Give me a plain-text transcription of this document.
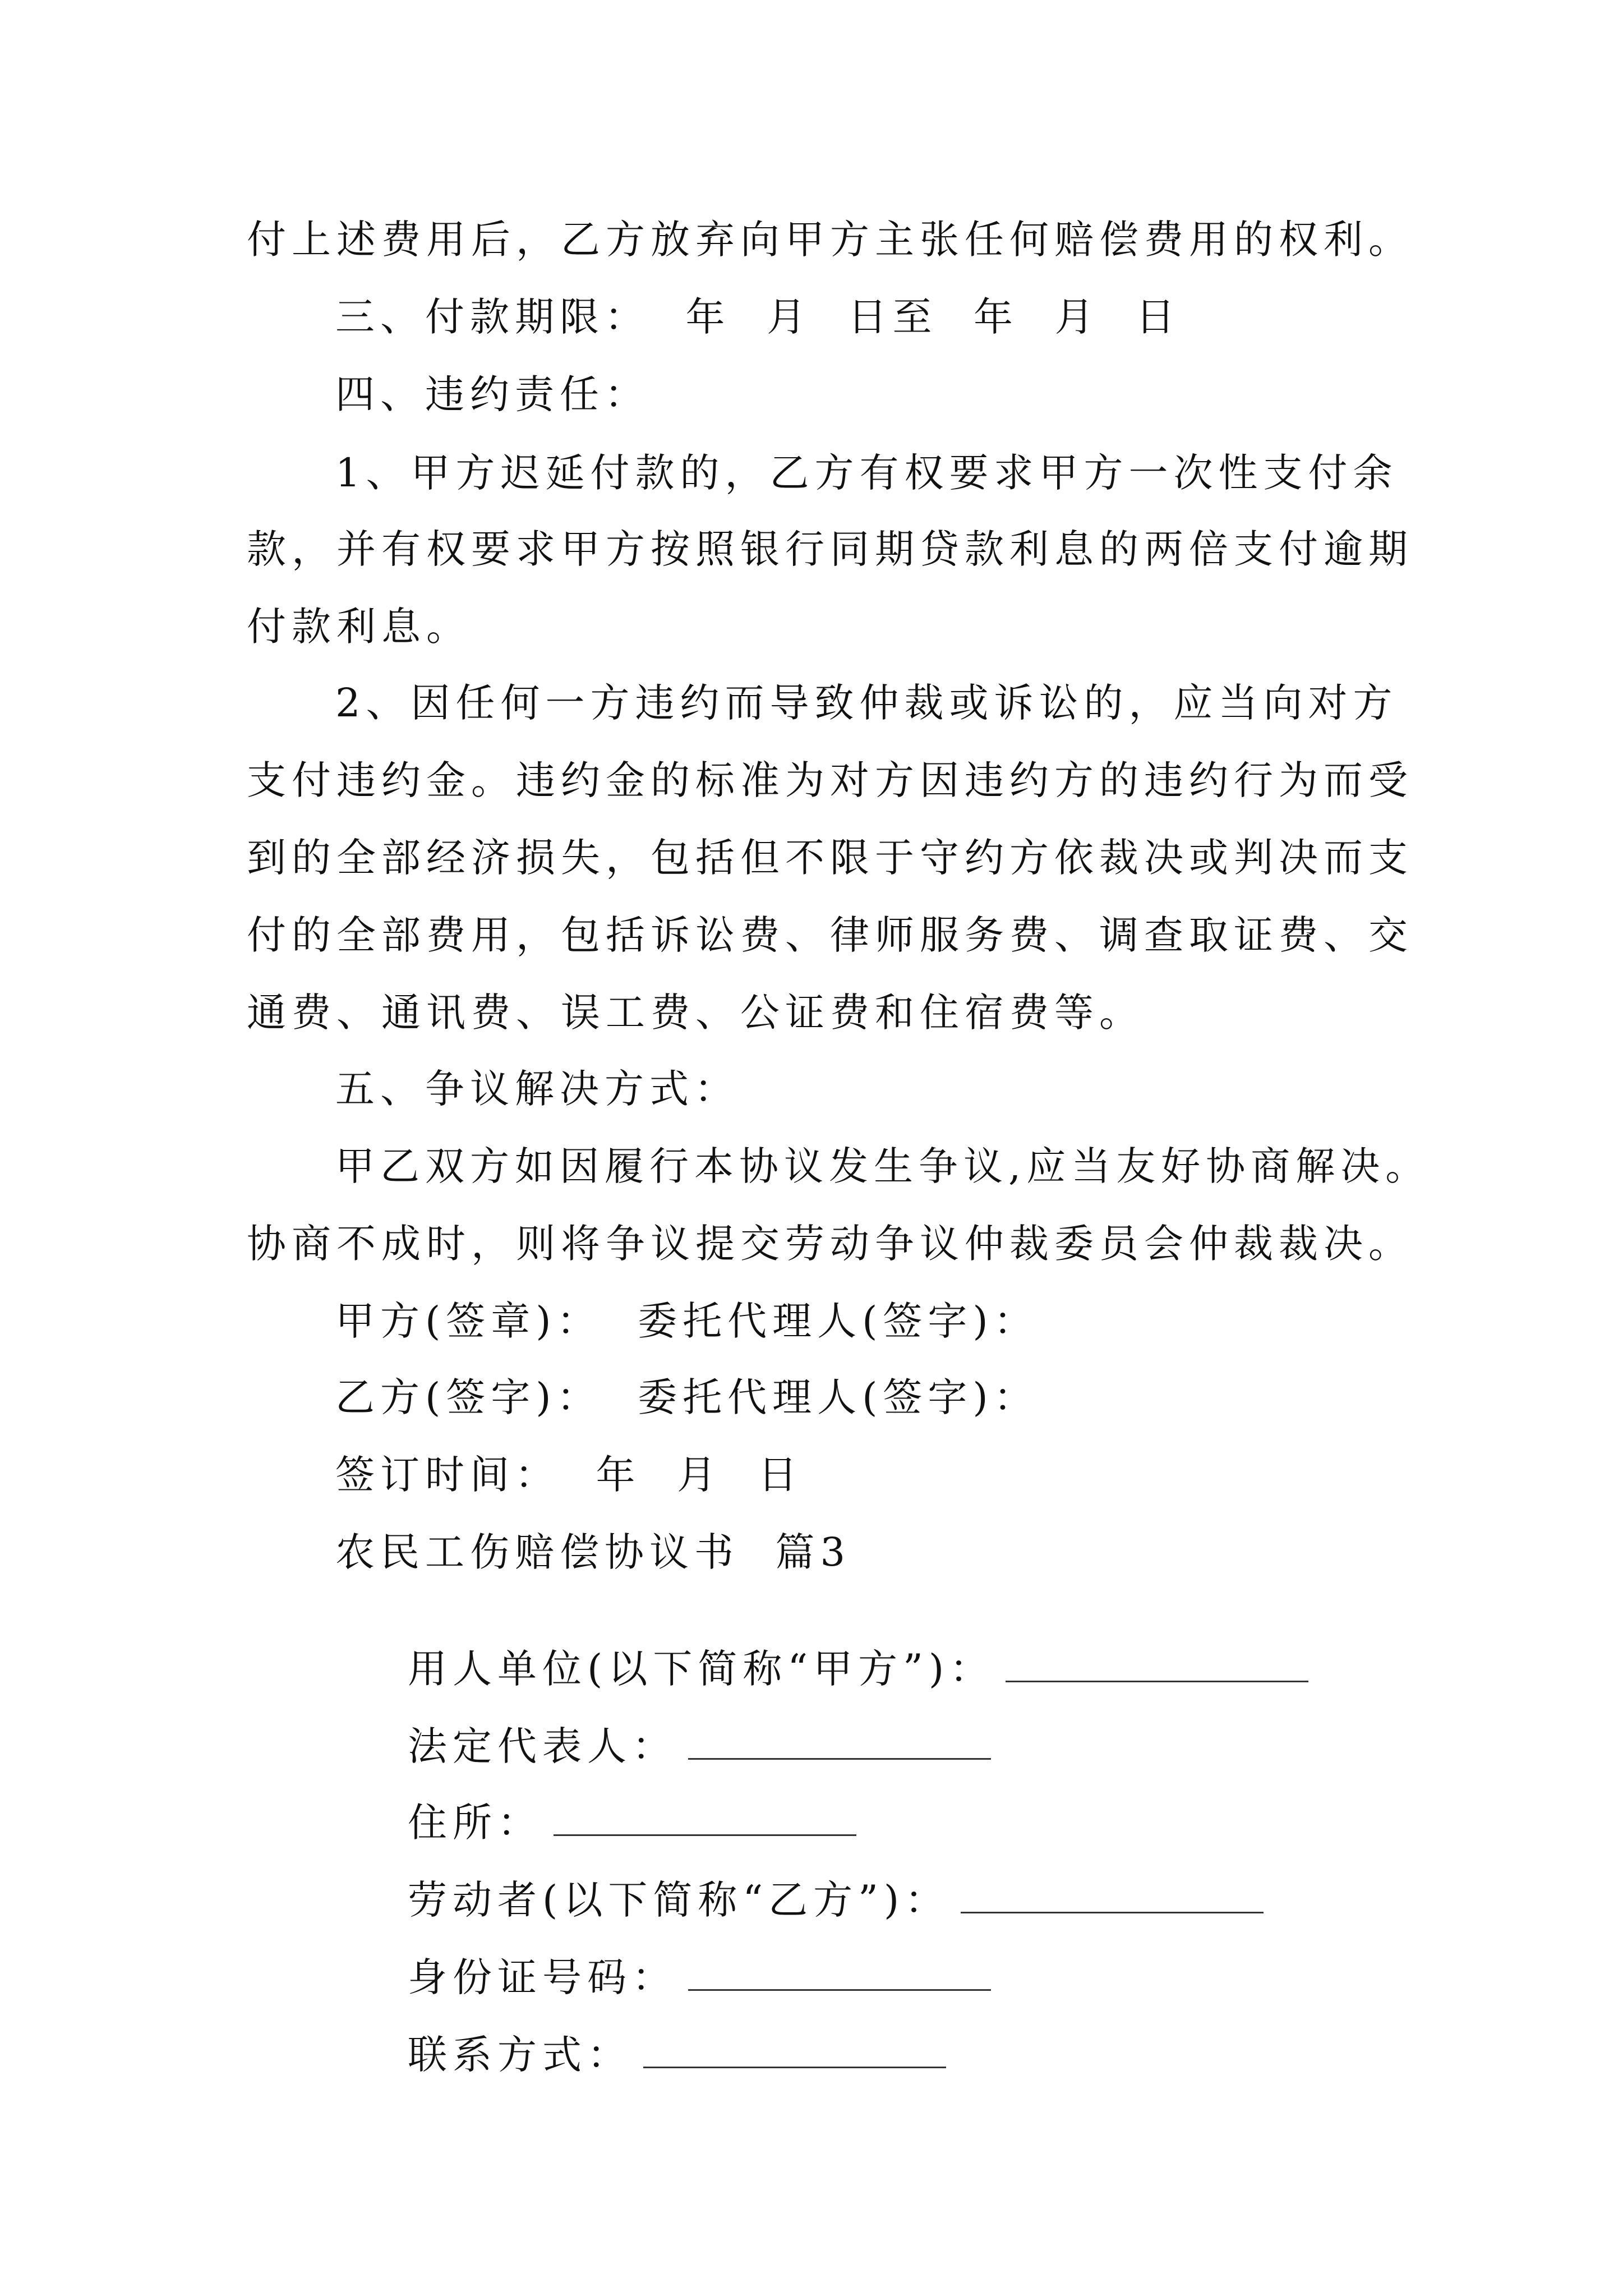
付上述费用后，乙方放弃向甲方主张任何赔偿费用的权利。
三、付款期限：  年  月  日至  年  月  日
四、违约责任：
1、甲方迟延付款的，乙方有权要求甲方一次性支付余
款，并有权要求甲方按照银行同期贷款利息的两倍支付逾期
付款利息。
2、因任何一方违约而导致仲裁或诉讼的，应当向对方
支付违约金。违约金的标准为对方因违约方的违约行为而受
到的全部经济损失，包括但不限于守约方依裁决或判决而支
付的全部费用，包括诉讼费、律师服务费、调查取证费、交
通费、通讯费、误工费、公证费和住宿费等。
五、争议解决方式：
甲乙双方如因履行本协议发生争议,应当友好协商解决。
协商不成时，则将争议提交劳动争议仲裁委员会仲裁裁决。
甲方(签章)：  委托代理人(签字)：
乙方(签字)：  委托代理人(签字)：
签订时间：  年  月  日
农民工伤赔偿协议书  篇3

用人单位(以下简称“甲方”)：

法定代表人：

住所：

劳动者(以下简称“乙方”)：

身份证号码：

联系方式：
